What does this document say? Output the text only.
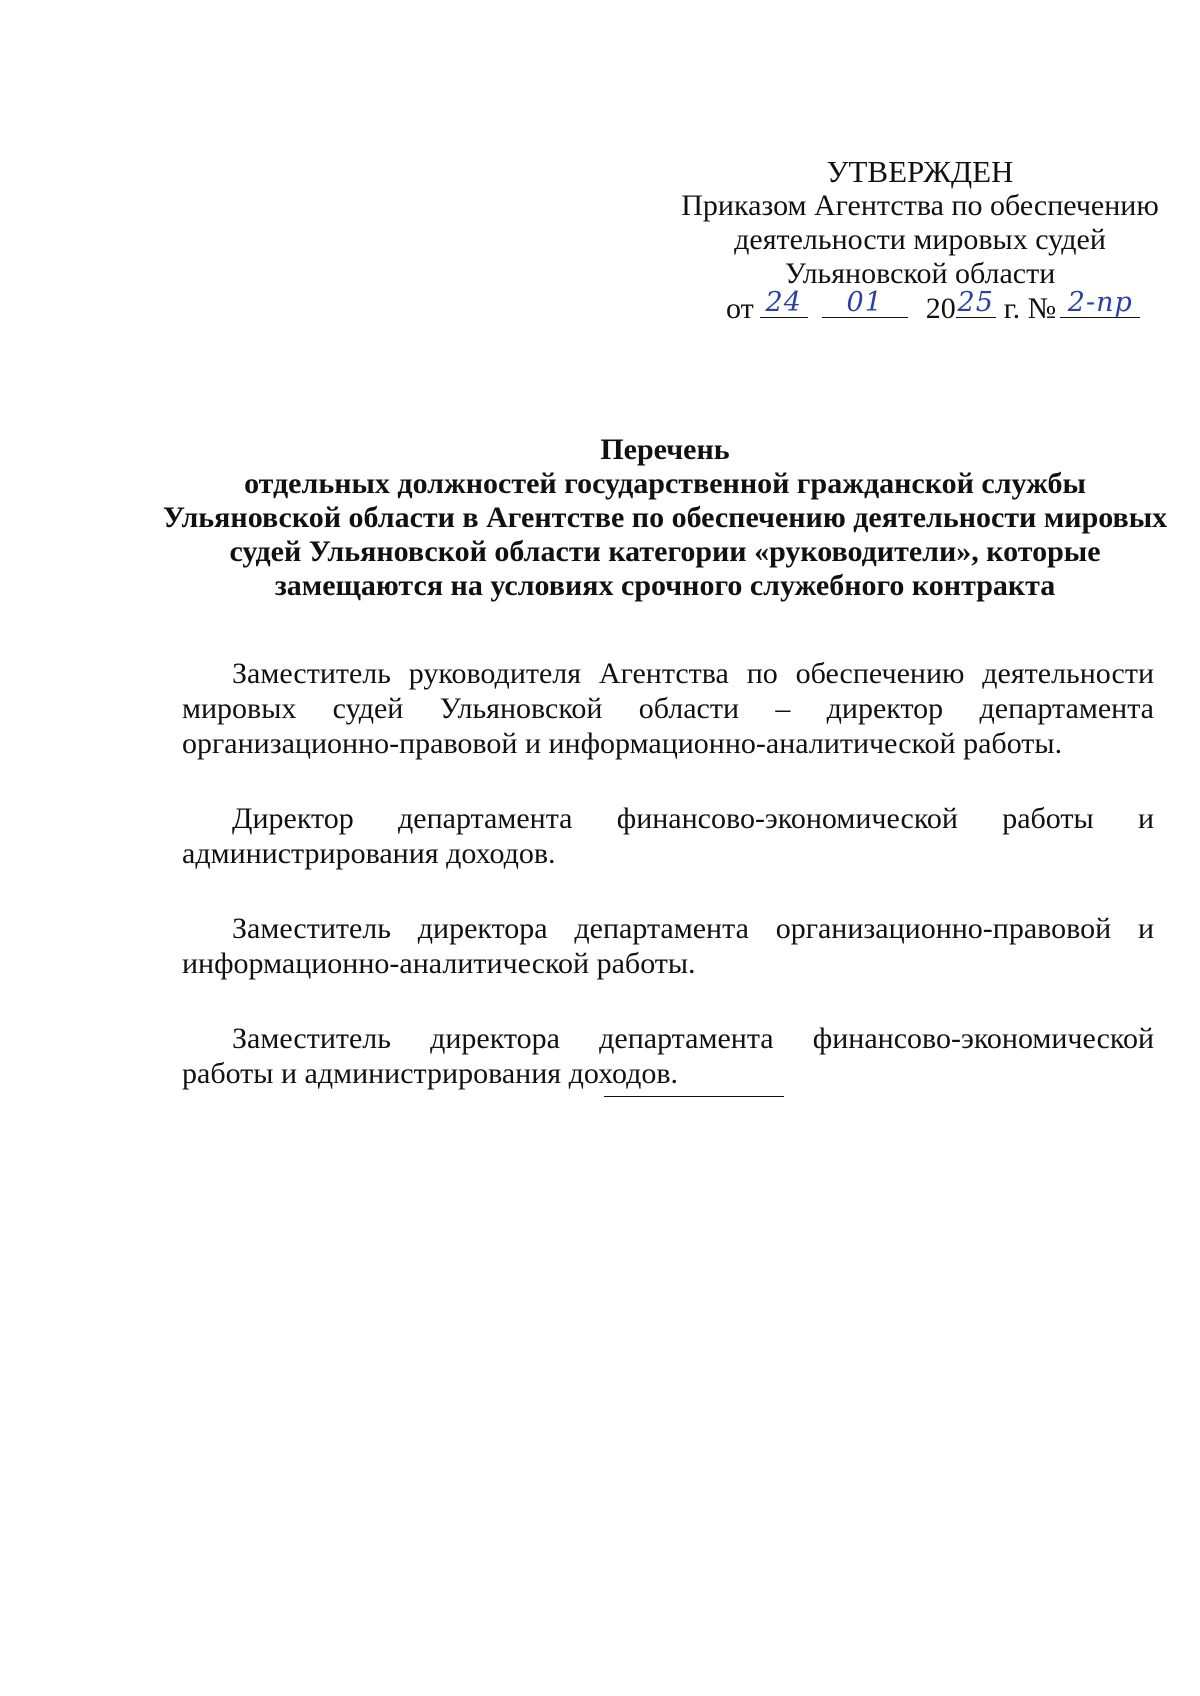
УТВЕРЖДЕН
Приказом Агентства по обеспечению
деятельности мировых судей
Ульяновской области
от 24	01	20 25 г. № 2-пр
Перечень
отдельных должностей государственной гражданской службы
Ульяновской области в Агентстве по обеспечению деятельности мировых
судей Ульяновской области категории «руководители», которые
замещаются на условиях срочного служебного контракта

Заместитель руководителя Агентства по обеспечению деятельности мировых судей Ульяновской области – директор департамента организационно-правовой и информационно-аналитической работы.

Директор департамента финансово-экономической работы и администрирования доходов.

Заместитель директора департамента организационно-правовой и информационно-аналитической работы.

Заместитель директора департамента финансово-экономической работы и администрирования доходов.
